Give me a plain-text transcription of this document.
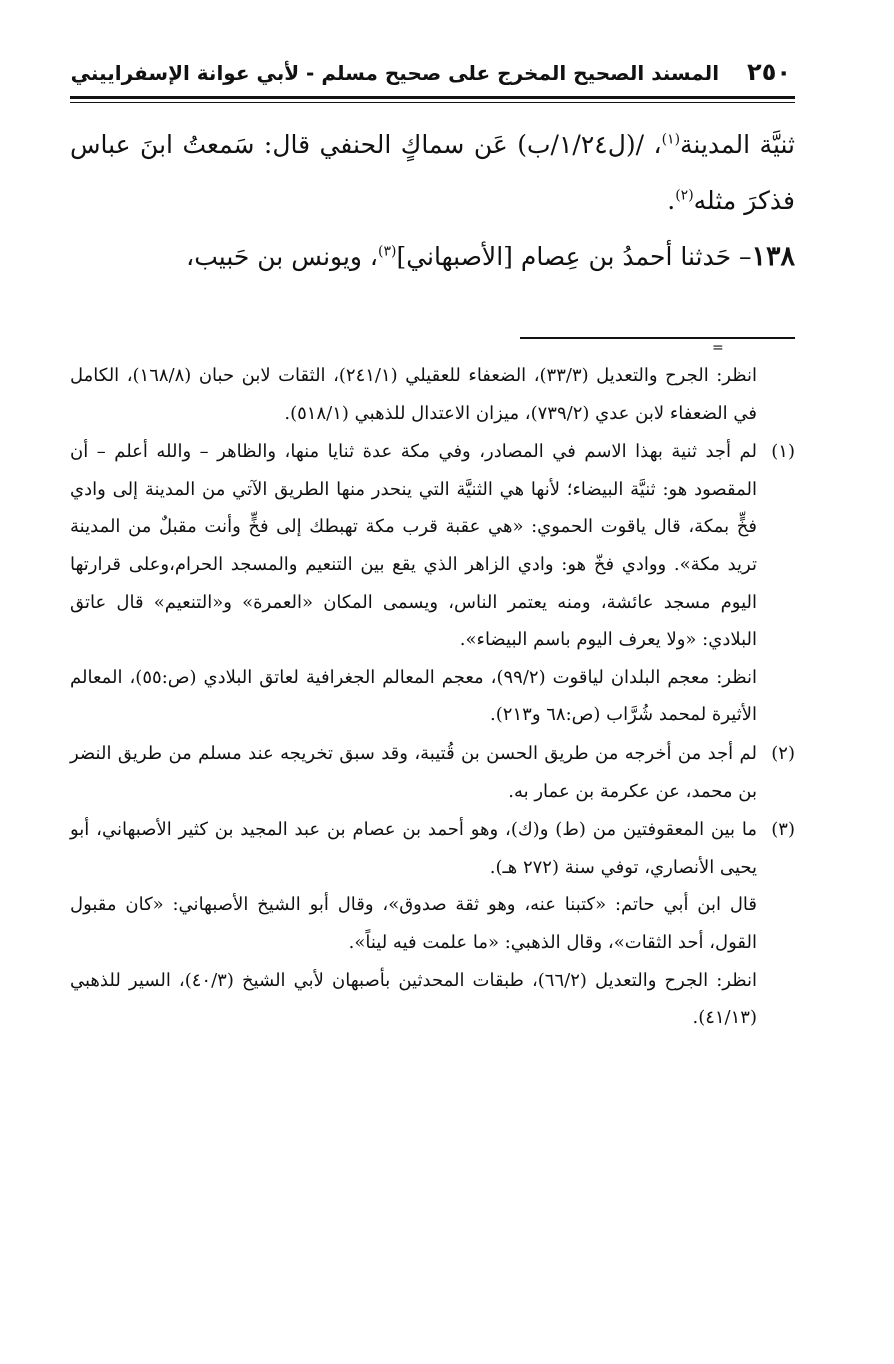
٢٥٠
المسند الصحيح المخرج على صحيح مسلم - لأبي عوانة الإسفراييني

ثنيَّة المدينة$^{(١)}$، /(ل١/٢٤/ب) عَن سماكٍ الحنفي قال: سَمعتُ ابنَ عباس فذكرَ مثله$^{(٢)}$.

١٣٨– حَدثنا أحمدُ بن عِصام [الأصبهاني]$^{(٣)}$، ويونس بن حَبيب،

انظر: الجرح والتعديل (٣٣/٣)، الضعفاء للعقيلي (٢٤١/١)، الثقات لابن حبان (١٦٨/٨)، الكامل في الضعفاء لابن عدي (٧٣٩/٢)، ميزان الاعتدال للذهبي (٥١٨/١).
(١)

لم أجد ثنية بهذا الاسم في المصادر، وفي مكة عدة ثنايا منها، والظاهر – والله أعلم – أن المقصود هو: ثنيَّة البيضاء؛ لأنها هي الثنيَّة التي ينحدر منها الطريق الآتي من المدينة إلى وادي فخٍّ بمكة، قال ياقوت الحموي: «هي عقبة قرب مكة تهبطك إلى فخٍّ وأنت مقبلٌ من المدينة تريد مكة». ووادي فخّ هو: وادي الزاهر الذي يقع بين التنعيم والمسجد الحرام،وعلى قرارتها اليوم مسجد عائشة، ومنه يعتمر الناس، ويسمى المكان «العمرة» و«التنعيم» قال عاتق البلادي: «ولا يعرف اليوم باسم البيضاء».

انظر: معجم البلدان لياقوت (٩٩/٢)، معجم المعالم الجغرافية لعاتق البلادي (ص:٥٥)، المعالم الأثيرة لمحمد شُرَّاب (ص:٦٨ و٢١٣).

(٢)

لم أجد من أخرجه من طريق الحسن بن قُتيبة، وقد سبق تخريجه عند مسلم من طريق النضر بن محمد، عن عكرمة بن عمار به.

(٣)

ما بين المعقوفتين من (ط) و(ك)، وهو أحمد بن عصام بن عبد المجيد بن كثير الأصبهاني، أبو يحيى الأنصاري، توفي سنة (٢٧٢ هـ).

قال ابن أبي حاتم: «كتبنا عنه، وهو ثقة صدوق»، وقال أبو الشيخ الأصبهاني: «كان مقبول القول، أحد الثقات»، وقال الذهبي: «ما علمت فيه ليناً».

انظر: الجرح والتعديل (٦٦/٢)، طبقات المحدثين بأصبهان لأبي الشيخ (٤٠/٣)، السير للذهبي (٤١/١٣).

=
